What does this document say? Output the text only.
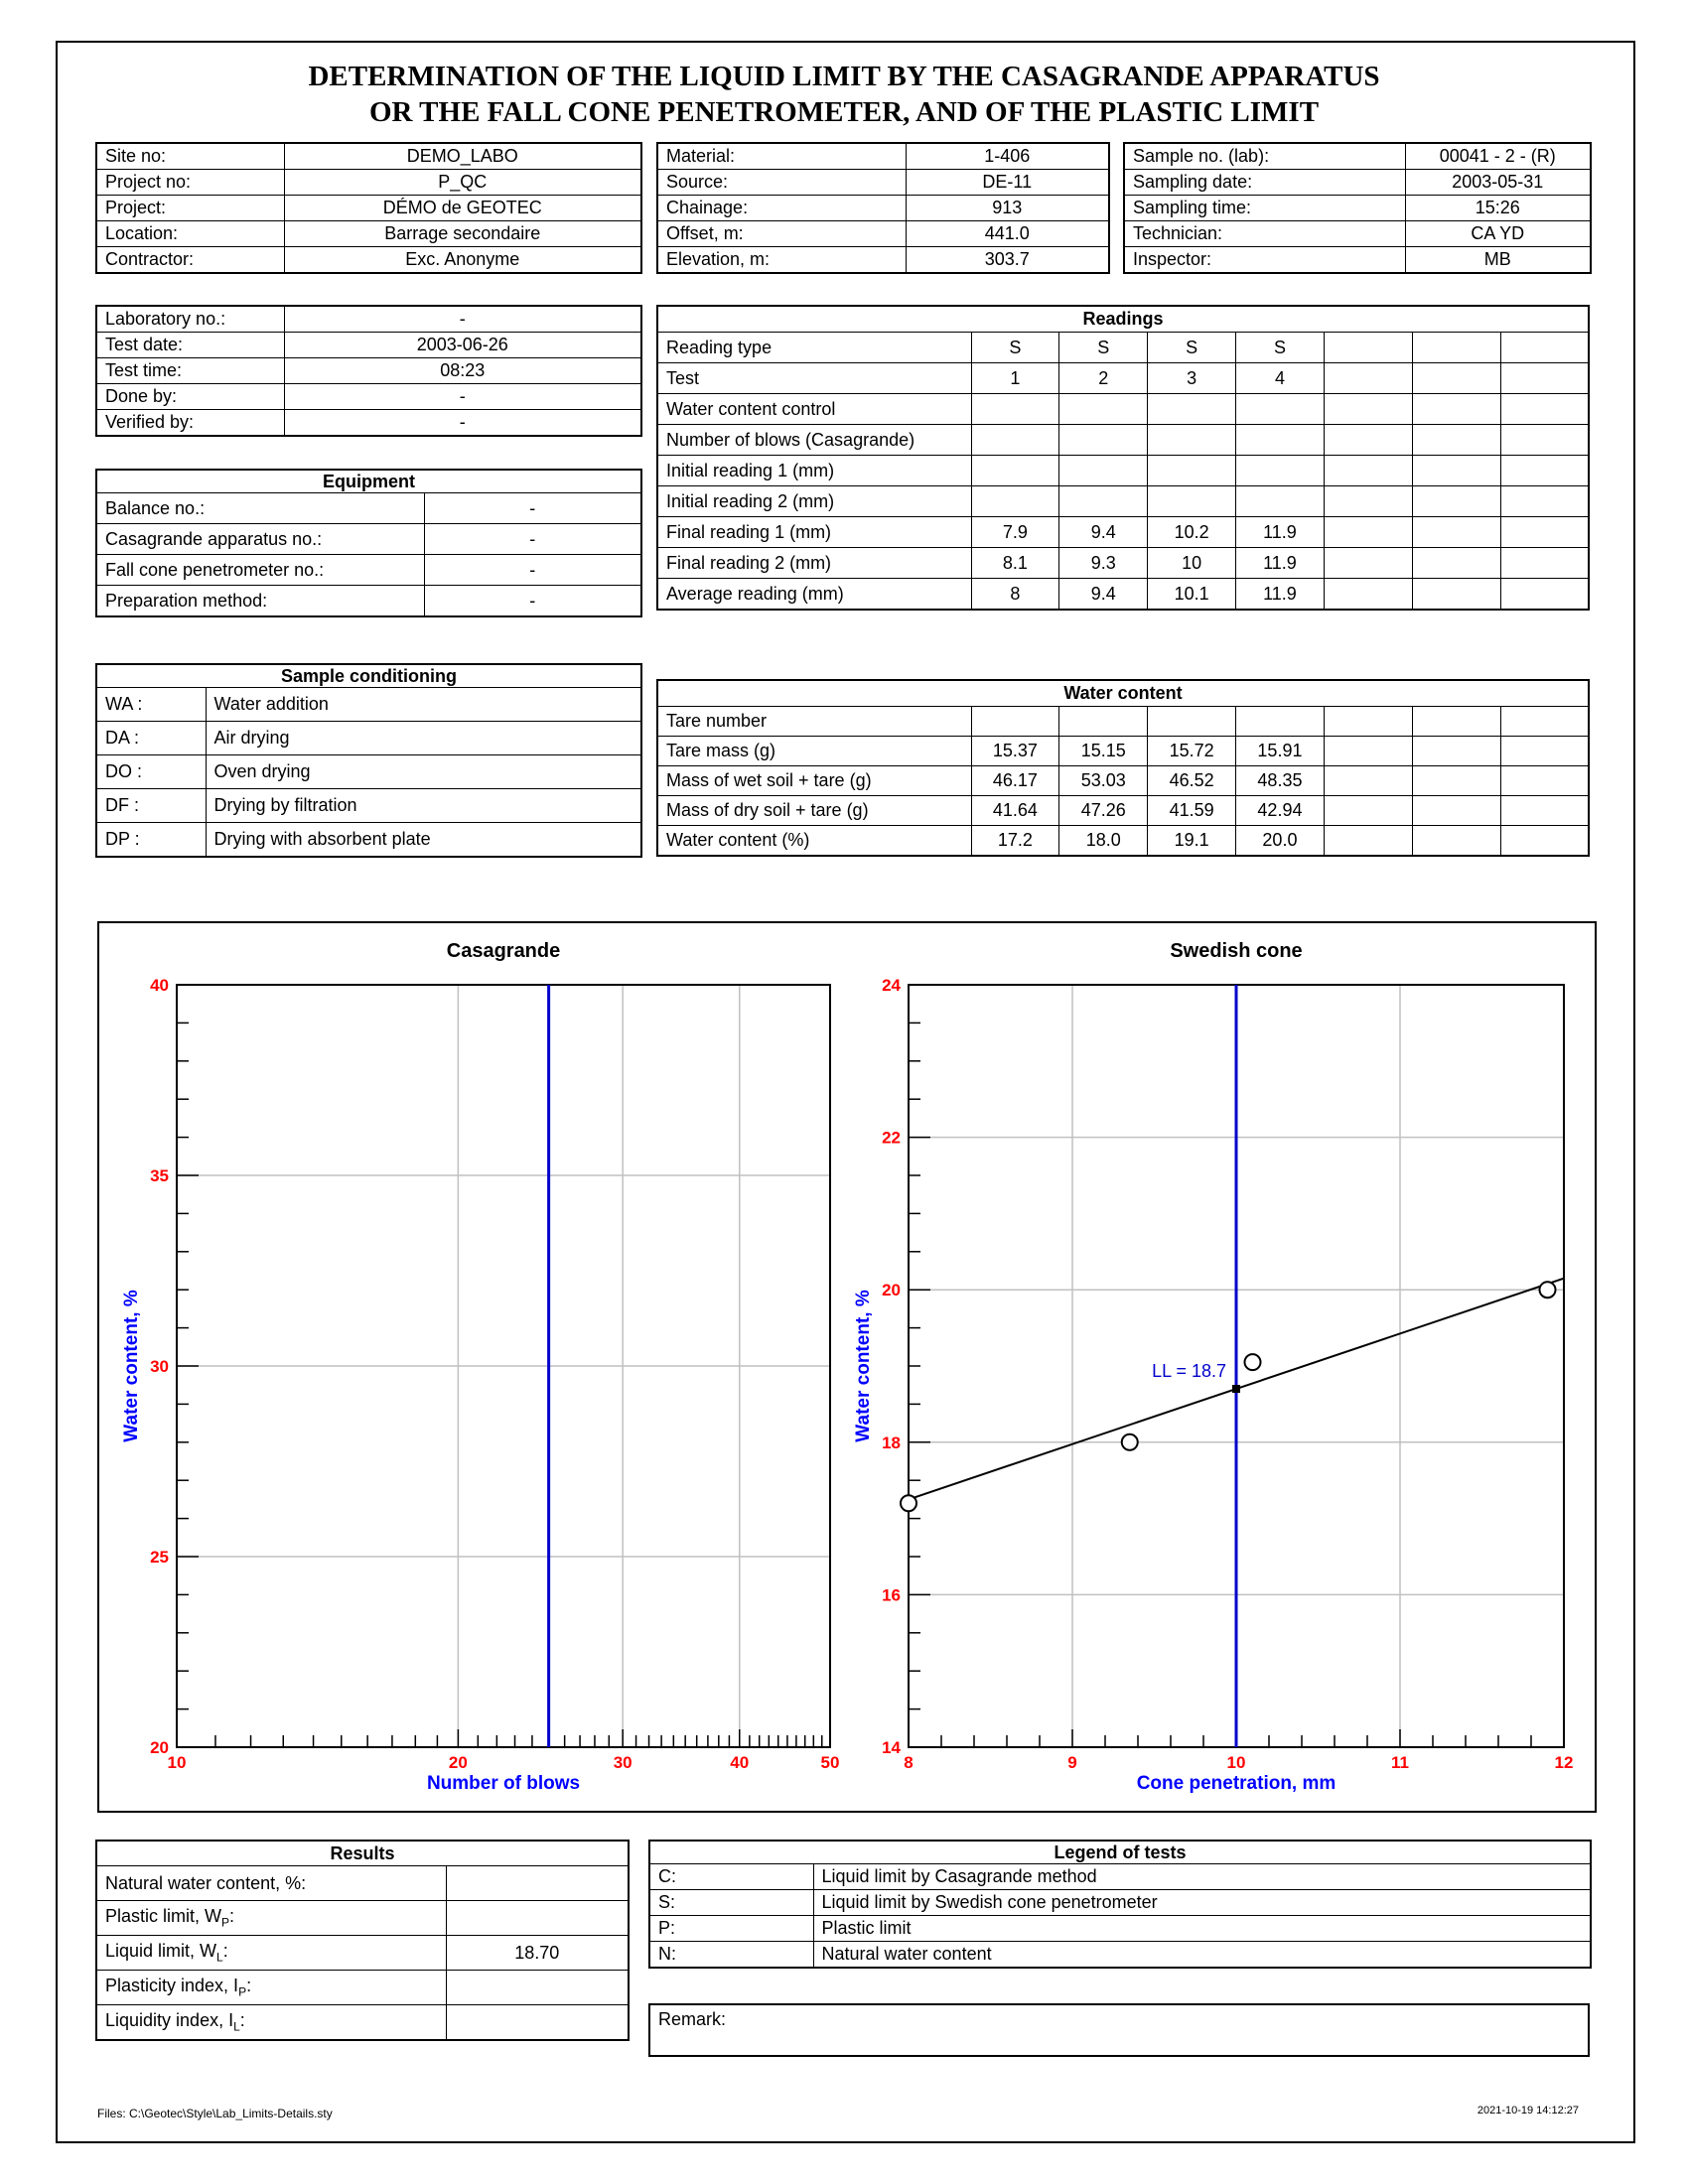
DETERMINATION OF THE LIQUID LIMIT BY THE CASAGRANDE APPARATUS
OR THE FALL CONE PENETROMETER, AND OF THE PLASTIC LIMIT
Site no:	DEMO_LABO
Project no:	P_QC
Project:	DÉMO de GEOTEC
Location:	Barrage secondaire
Contractor:	Exc. Anonyme
Material:	1-406
Source:	DE-11
Chainage:	913
Offset, m:	441.0
Elevation, m:	303.7
Sample no. (lab):	00041 - 2 - (R)
Sampling date:	2003-05-31
Sampling time:	15:26
Technician:	CA YD
Inspector:	MB
Laboratory no.:	-
Test date:	2003-06-26
Test time:	08:23
Done by:	-
Verified by:	-
Equipment	
Balance no.:	-
Casagrande apparatus no.:	-
Fall cone penetrometer no.:	-
Preparation method:	-
Sample conditioning	
WA :	Water addition
DA :	Air drying
DO :	Oven drying
DF :	Drying by filtration
DP :	Drying with absorbent plate
Readings							
Reading type	S	S	S	S			
Test	1	2	3	4			
Water content control							
Number of blows (Casagrande)							
Initial reading 1 (mm)							
Initial reading 2 (mm)							
Final reading 1 (mm)	7.9	9.4	10.2	11.9			
Final reading 2 (mm)	8.1	9.3	10	11.9			
Average reading (mm)	8	9.4	10.1	11.9			
Water content							
Tare number							
Tare mass (g)	15.37	15.15	15.72	15.91			
Mass of wet soil + tare (g)	46.17	53.03	46.52	48.35			
Mass of dry soil + tare (g)	41.64	47.26	41.59	42.94			
Water content (%)	17.2	18.0	19.1	20.0			
Casagrande
10	20	30	40	50
20
25
30
35
40
Number of blows
Water content, %
Swedish cone
8	9	10	11	12
14
16
18
20
22
24
Cone penetration, mm
Water content, %	LL = 18.7
Results	
Natural water content, %:	
Plastic limit, $W_P$:	
Liquid limit, $W_L$:	18.70
Plasticity index, $I_P$:	
Liquidity index, $I_L$:	
Legend of tests	
C:	Liquid limit by Casagrande method
S:	Liquid limit by Swedish cone penetrometer
P:	Plastic limit
N:	Natural water content
Remark:
Files: C:\Geotec\Style\Lab_Limits-Details.sty	2021-10-19 14:12:27
